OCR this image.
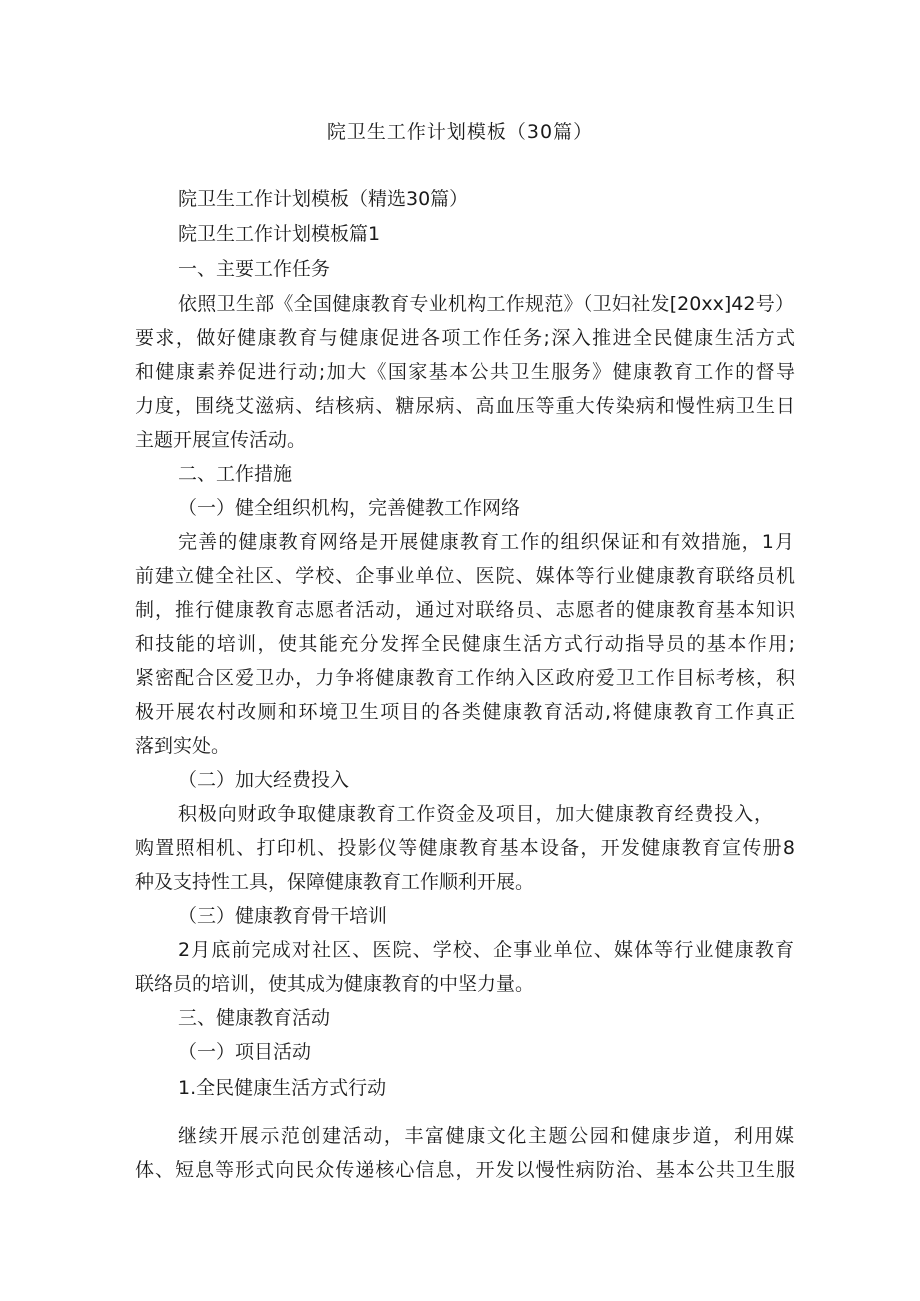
院卫生工作计划模板（30篇）
院卫生工作计划模板（精选30篇）
院卫生工作计划模板篇1
一、主要工作任务
依照卫生部《全国健康教育专业机构工作规范》（卫妇社发[20xx]42号）
要求，做好健康教育与健康促进各项工作任务;深入推进全民健康生活方式
和健康素养促进行动;加大《国家基本公共卫生服务》健康教育工作的督导
力度，围绕艾滋病、结核病、糖尿病、高血压等重大传染病和慢性病卫生日
主题开展宣传活动。
二、工作措施
（一）健全组织机构，完善健教工作网络
完善的健康教育网络是开展健康教育工作的组织保证和有效措施，1月
前建立健全社区、学校、企事业单位、医院、媒体等行业健康教育联络员机
制，推行健康教育志愿者活动，通过对联络员、志愿者的健康教育基本知识
和技能的培训，使其能充分发挥全民健康生活方式行动指导员的基本作用;
紧密配合区爱卫办，力争将健康教育工作纳入区政府爱卫工作目标考核，积
极开展农村改厕和环境卫生项目的各类健康教育活动,将健康教育工作真正
落到实处。
（二）加大经费投入
积极向财政争取健康教育工作资金及项目，加大健康教育经费投入，
购置照相机、打印机、投影仪等健康教育基本设备，开发健康教育宣传册8
种及支持性工具，保障健康教育工作顺利开展。
（三）健康教育骨干培训
2月底前完成对社区、医院、学校、企事业单位、媒体等行业健康教育
联络员的培训，使其成为健康教育的中坚力量。
三、健康教育活动
（一）项目活动
1.全民健康生活方式行动
继续开展示范创建活动，丰富健康文化主题公园和健康步道，利用媒
体、短息等形式向民众传递核心信息，开发以慢性病防治、基本公共卫生服
